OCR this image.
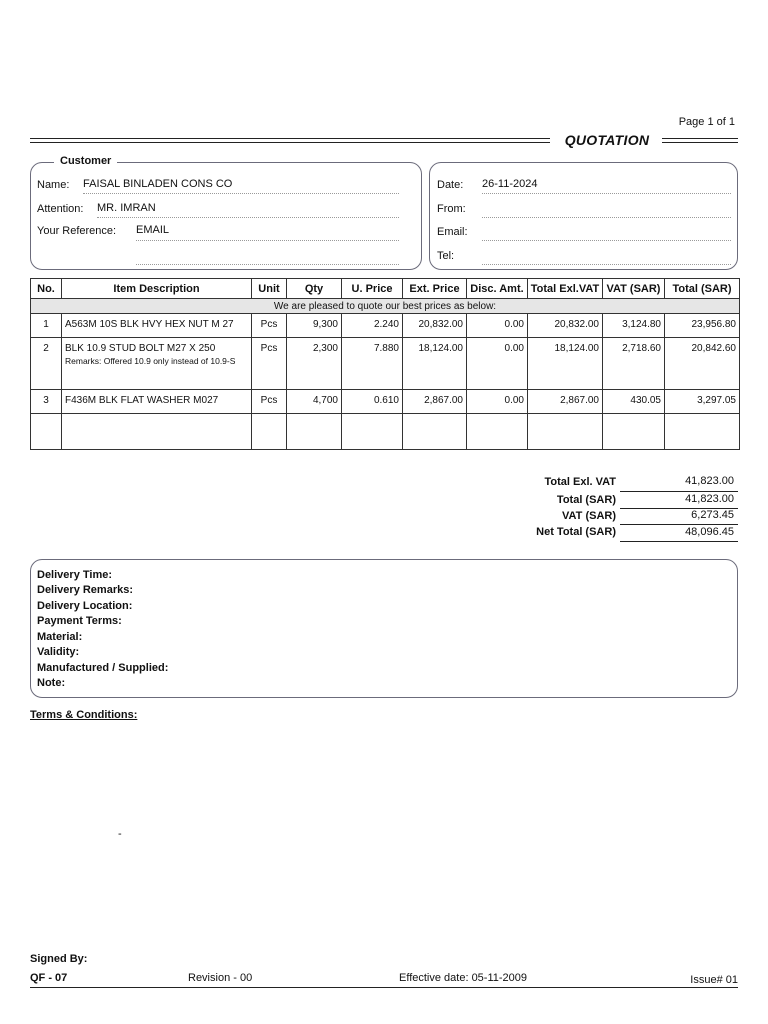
Page 1 of 1
QUOTATION
Customer
Name: FAISAL BINLADEN CONS CO
Attention: MR. IMRAN
Your Reference: EMAIL
Date: 26-11-2024
From:
Email:
Tel:
No.	Item Description	Unit	Qty	U. Price	Ext. Price	Disc. Amt.	Total Exl.VAT	VAT (SAR)	Total (SAR)
We are pleased to quote our best prices as below:									
1	A563M 10S BLK HVY HEX NUT M 27	Pcs	9,300	2.240	20,832.00	0.00	20,832.00	3,124.80	23,956.80
2	BLK 10.9 STUD BOLT M27 X 250
Remarks: Offered 10.9 only instead of 10.9-S	Pcs	2,300	7.880	18,124.00	0.00	18,124.00	2,718.60	20,842.60
3	F436M BLK FLAT WASHER M027	Pcs	4,700	0.610	2,867.00	0.00	2,867.00	430.05	3,297.05

Total Exl. VAT	41,823.00
Total (SAR)	41,823.00
VAT (SAR)	6,273.45
Net Total (SAR)	48,096.45
Delivery Time:
Delivery Remarks:
Delivery Location:
Payment Terms:
Material:
Validity:
Manufactured / Supplied:
Note:
Terms & Conditions:
-
Signed By:
QF - 07	Revision - 00	Effective date: 05-11-2009	Issue# 01
